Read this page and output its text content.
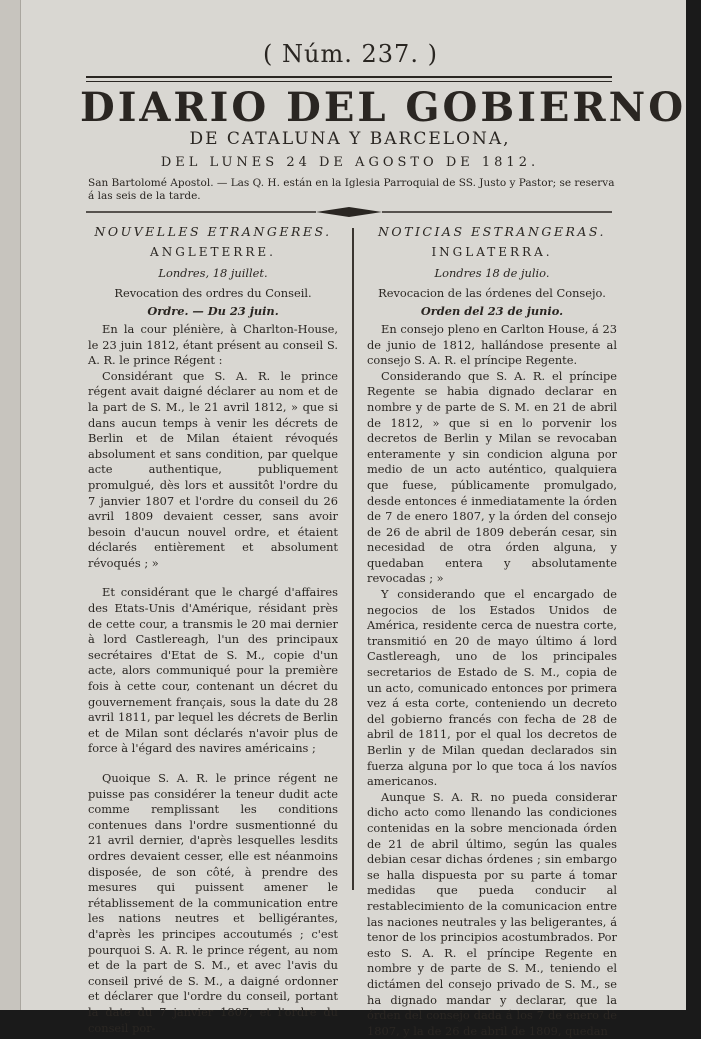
( Núm. 237. )
DIARIO DEL GOBIERNO
DE CATALUNA Y BARCELONA,
DEL LUNES 24 DE AGOSTO DE 1812.
San Bartolomé Apostol. — Las Q. H. están en la Iglesia Parroquial de SS. Justo y Pastor; se reserva á las seis de la tarde.
NOUVELLES ETRANGERES.
ANGLETERRE.
Londres, 18 juillet.
Revocation des ordres du Conseil.
Ordre. — Du 23 juin.

En la cour plénière, à Charlton-House, le 23 juin 1812, étant présent au conseil S. A. R. le prince Régent :

Considérant que S. A. R. le prince régent avait daigné déclarer au nom et de la part de S. M., le 21 avril 1812, » que si dans aucun temps à venir les décrets de Berlin et de Milan étaient révoqués absolument et sans condition, par quelque acte authentique, publiquement promulgué, dès lors et aussitôt l'ordre du 7 janvier 1807 et l'ordre du conseil du 26 avril 1809 devaient cesser, sans avoir besoin d'aucun nouvel ordre, et étaient déclarés entièrement et absolument révoqués ; »

Et considérant que le chargé d'affaires des Etats-Unis d'Amérique, résidant près de cette cour, a transmis le 20 mai dernier à lord Castlereagh, l'un des principaux secrétaires d'Etat de S. M., copie d'un acte, alors communiqué pour la première fois à cette cour, contenant un décret du gouvernement français, sous la date du 28 avril 1811, par lequel les décrets de Berlin et de Milan sont déclarés n'avoir plus de force à l'égard des navires américains ;

Quoique S. A. R. le prince régent ne puisse pas considérer la teneur dudit acte comme remplissant les conditions contenues dans l'ordre susmentionné du 21 avril dernier, d'après lesquelles lesdits ordres devaient cesser, elle est néanmoins disposée, de son côté, à prendre des mesures qui puissent amener le rétablissement de la communication entre les nations neutres et belligérantes, d'après les principes accoutumés ; c'est pourquoi S. A. R. le prince régent, au nom et de la part de S. M., et avec l'avis du conseil privé de S. M., a daigné ordonner et déclarer que l'ordre du conseil, portant la date du 7 janvier 1807, et l'ordre du conseil por-

NOTICIAS ESTRANGERAS.
INGLATERRA.
Londres 18 de julio.
Revocacion de las órdenes del Consejo.
Orden del 23 de junio.

En consejo pleno en Carlton House, á 23 de junio de 1812, hallándose presente al consejo S. A. R. el príncipe Regente.

Considerando que S. A. R. el príncipe Regente se habia dignado declarar en nombre y de parte de S. M. en 21 de abril de 1812, » que si en lo porvenir los decretos de Berlin y Milan se revocaban enteramente y sin condicion alguna por medio de un acto auténtico, qualquiera que fuese, públicamente promulgado, desde entonces é inmediatamente la órden de 7 de enero 1807, y la órden del consejo de 26 de abril de 1809 deberán cesar, sin necesidad de otra órden alguna, y quedaban entera y absolutamente revocadas ; »

Y considerando que el encargado de negocios de los Estados Unidos de América, residente cerca de nuestra corte, transmitió en 20 de mayo último á lord Castlereagh, uno de los principales secretarios de Estado de S. M., copia de un acto, comunicado entonces por primera vez á esta corte, conteniendo un decreto del gobierno francés con fecha de 28 de abril de 1811, por el qual los decretos de Berlin y de Milan quedan declarados sin fuerza alguna por lo que toca á los navíos americanos.

Aunque S. A. R. no pueda considerar dicho acto como llenando las condiciones contenidas en la sobre mencionada órden de 21 de abril último, según las quales debian cesar dichas órdenes ; sin embargo se halla dispuesta por su parte á tomar medidas que pueda conducir al restablecimiento de la comunicacion entre las naciones neutrales y las beligerantes, á tenor de los principios acostumbrados. Por esto S. A. R. el príncipe Regente en nombre y de parte de S. M., teniendo el dictámen del consejo privado de S. M., se ha dignado mandar y declarar, que la órden del consejo dada á los 7 de enero de 1807, y la de 26 de abril de 1809, quedan
